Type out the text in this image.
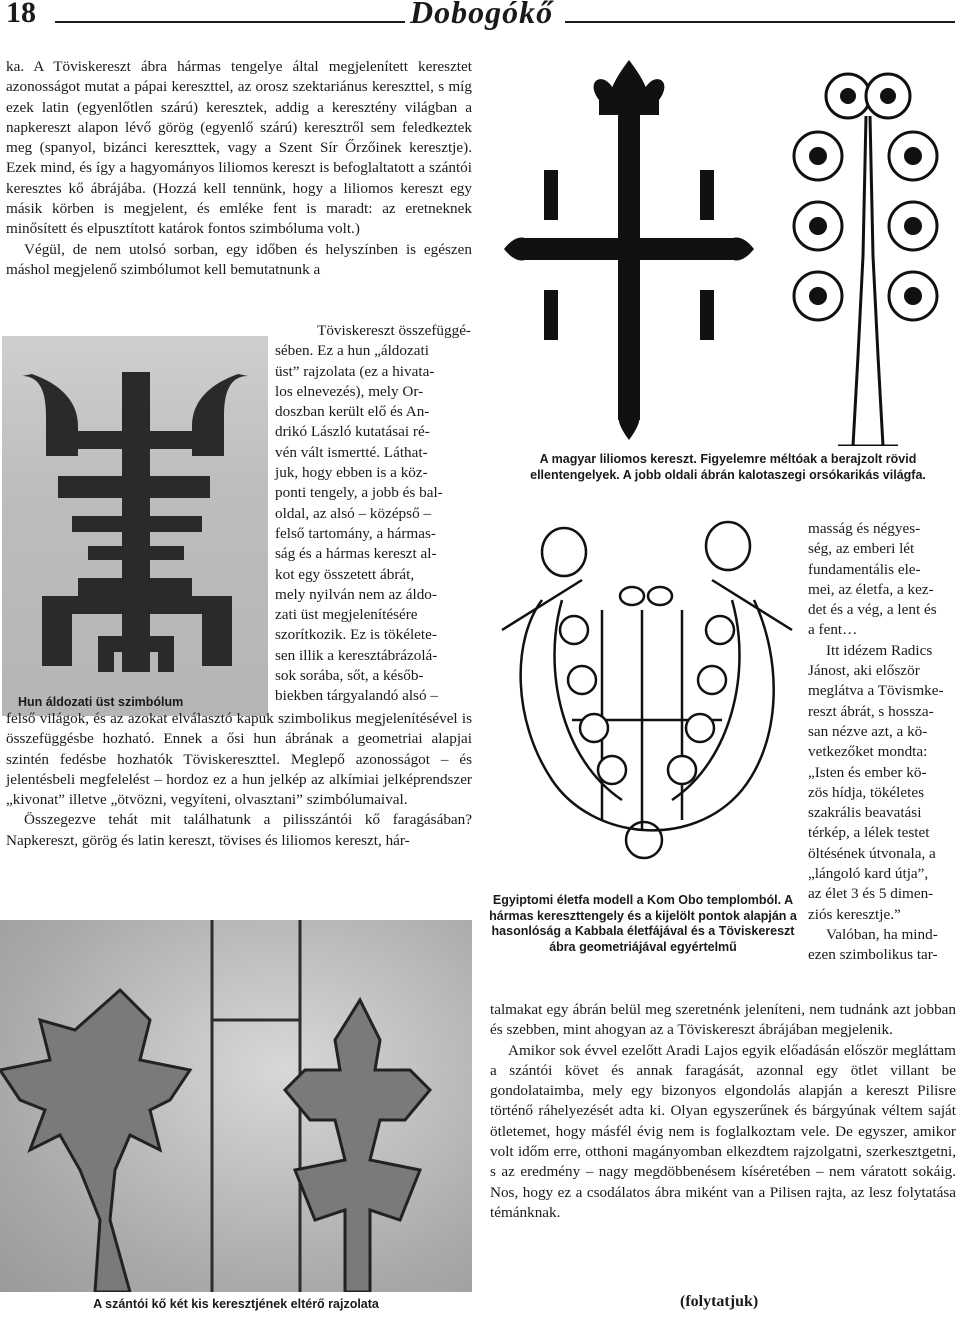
18	Dobogókő

ka. A Töviskereszt ábra hármas tengelye által megjelenített keresztet azonosságot mutat a pápai kereszttel, az orosz szektariánus kereszttel, s míg ezek latin (egyenlőtlen szárú) keresztek, addig a keresztény világban a napkereszt alapon lévő görög (egyenlő szárú) keresztről sem feledkeztek meg (spanyol, bizánci kereszttek, vagy a Szent Sír Őrzőinek keresztje). Ezek mind, és így a hagyományos liliomos kereszt is befoglaltatott a szántói keresztes kő ábrájába. (Hozzá kell tennünk, hogy a liliomos kereszt egy másik körben is megjelent, és emléke fent is maradt: az eretneknek minősített és elpusztított katárok fontos szimbóluma volt.)

Végül, de nem utolsó sorban, egy időben és helyszínben is egészen máshol megjelenő szimbólumot kell bemutatnunk a

Hun áldozati üst szimbólum
Töviskereszt összefüggé-
sében. Ez a hun „áldozati
üst” rajzolata (ez a hivata-
los elnevezés), mely Or-
doszban került elő és An-
drikó László kutatásai ré-
vén vált ismertté. Láthat-
juk, hogy ebben is a köz-
ponti tengely, a jobb és bal-
oldal, az alsó – középső –
felső tartomány, a hármas-
ság és a hármas kereszt al-
kot egy összetett ábrát,
mely nyilván nem az áldo-
zati üst megjelenítésére
szorítkozik. Ez is tökélete-
sen illik a keresztábrázolá-
sok sorába, sőt, a későb-
biekben tárgyalandó alsó –

felső világok, és az azokat elválasztó kapuk szimbolikus megjelenítésével is összefüggésbe hozható. Ennek a ősi hun ábrának a geometriai alapjai szintén fedésbe hozhatók Töviskereszttel. Meglepő azonosságot – és jelentésbeli megfelelést – hordoz ez a hun jelkép az alkímiai jelképrendszer „kivonat” illetve „ötvözni, vegyíteni, olvasztani” szimbólumaival.

Összegezve tehát mit találhatunk a pilisszántói kő faragásában? Napkereszt, görög és latin kereszt, tövises és liliomos kereszt, hár-

A szántói kő két kis keresztjének eltérő rajzolata
A magyar liliomos kereszt. Figyelemre méltóak a berajzolt rövid ellentengelyek. A jobb oldali ábrán kalotaszegi orsókarikás világfa.
Egyiptomi életfa modell a Kom Obo templomból. A hármas kereszttengely és a kijelölt pontok alapján a hasonlóság a Kabbala életfájával és a Töviskereszt ábra geometriájával egyértelmű
masság és négyes-
ség, az emberi lét
fundamentális ele-
mei, az életfa, a kez-
det és a vég, a lent és
a fent…
Itt idézem Radics
Jánost, aki először
meglátva a Tövismke-
reszt ábrát, s hossza-
san nézve azt, a kö-
vetkezőket mondta:
„Isten és ember kö-
zös hídja, tökéletes
szakrális beavatási
térkép, a lélek testet
öltésének útvonala, a
„lángoló kard útja”,
az élet 3 és 5 dimen-
ziós keresztje.”
Valóban, ha mind-
ezen szimbolikus tar-

talmakat egy ábrán belül meg szeretnénk jeleníteni, nem tudnánk azt jobban és szebben, mint ahogyan az a Töviskereszt ábrájában megjelenik.

Amikor sok évvel ezelőtt Aradi Lajos egyik előadásán először megláttam a szántói követ és annak faragását, azonnal egy ötlet villant be gondolataimba, mely egy bizonyos elgondolás alapján a kereszt Pilisre történő ráhelyezését adta ki. Olyan egyszerűnek és bárgyúnak véltem saját ötletemet, hogy másfél évig nem is foglalkoztam vele. De egyszer, amikor volt időm erre, otthoni magányomban elkezdtem rajzolgatni, szerkesztgetni, s az eredmény – nagy megdöbbenésem kíséretében – nem váratott sokáig. Nos, hogy ez a csodálatos ábra miként van a Pilisen rajta, az lesz folytatása témánknak.

(folytatjuk)
